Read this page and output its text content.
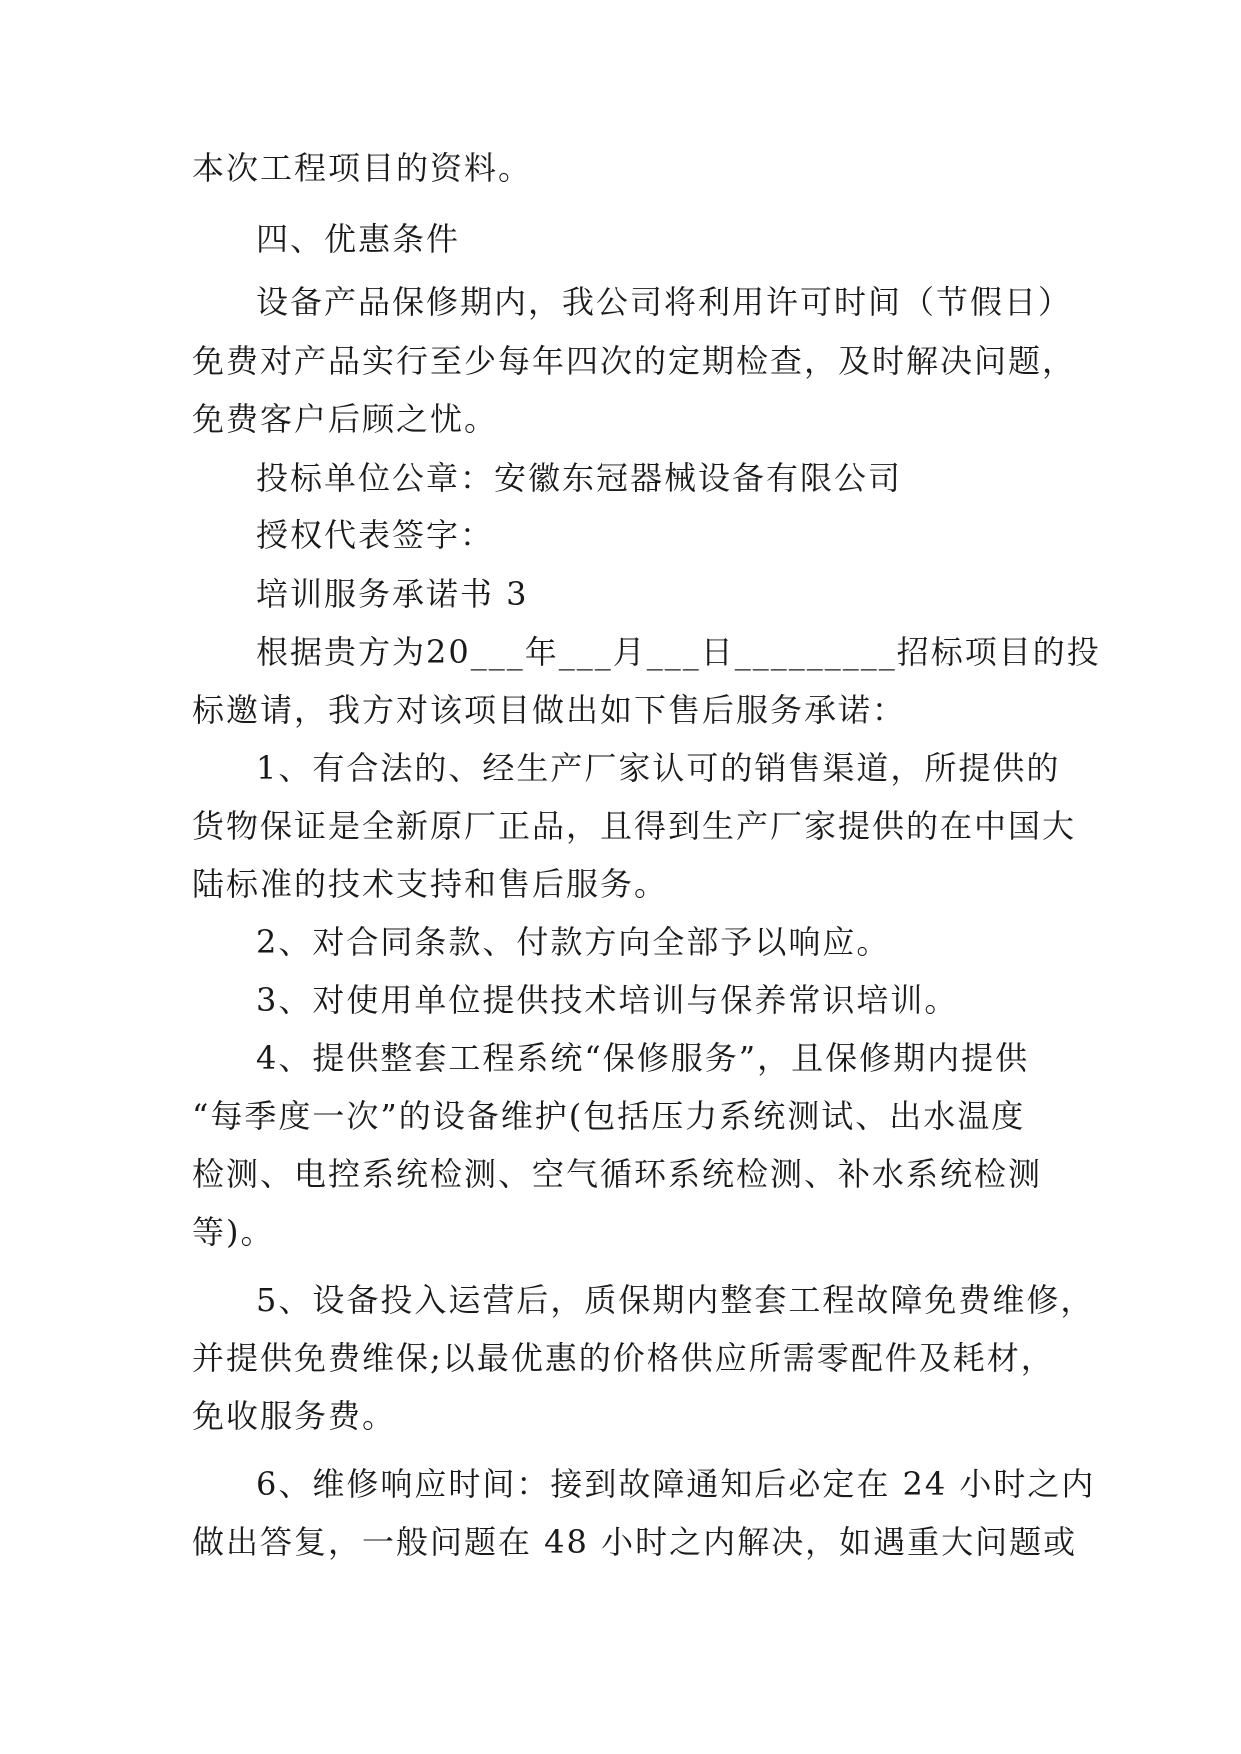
本次工程项目的资料。
四、优惠条件
设备产品保修期内，我公司将利用许可时间（节假日）
免费对产品实行至少每年四次的定期检查，及时解决问题，
免费客户后顾之忧。
投标单位公章：安徽东冠器械设备有限公司
授权代表签字：
培训服务承诺书 3
根据贵方为20___年___月___日_________招标项目的投
标邀请，我方对该项目做出如下售后服务承诺：
1、有合法的、经生产厂家认可的销售渠道，所提供的
货物保证是全新原厂正品，且得到生产厂家提供的在中国大
陆标准的技术支持和售后服务。
2、对合同条款、付款方向全部予以响应。
3、对使用单位提供技术培训与保养常识培训。
4、提供整套工程系统“保修服务”，且保修期内提供
“每季度一次”的设备维护(包括压力系统测试、出水温度
检测、电控系统检测、空气循环系统检测、补水系统检测
等)。
5、设备投入运营后，质保期内整套工程故障免费维修，
并提供免费维保;以最优惠的价格供应所需零配件及耗材，
免收服务费。
6、维修响应时间：接到故障通知后必定在 24 小时之内
做出答复，一般问题在 48 小时之内解决，如遇重大问题或
